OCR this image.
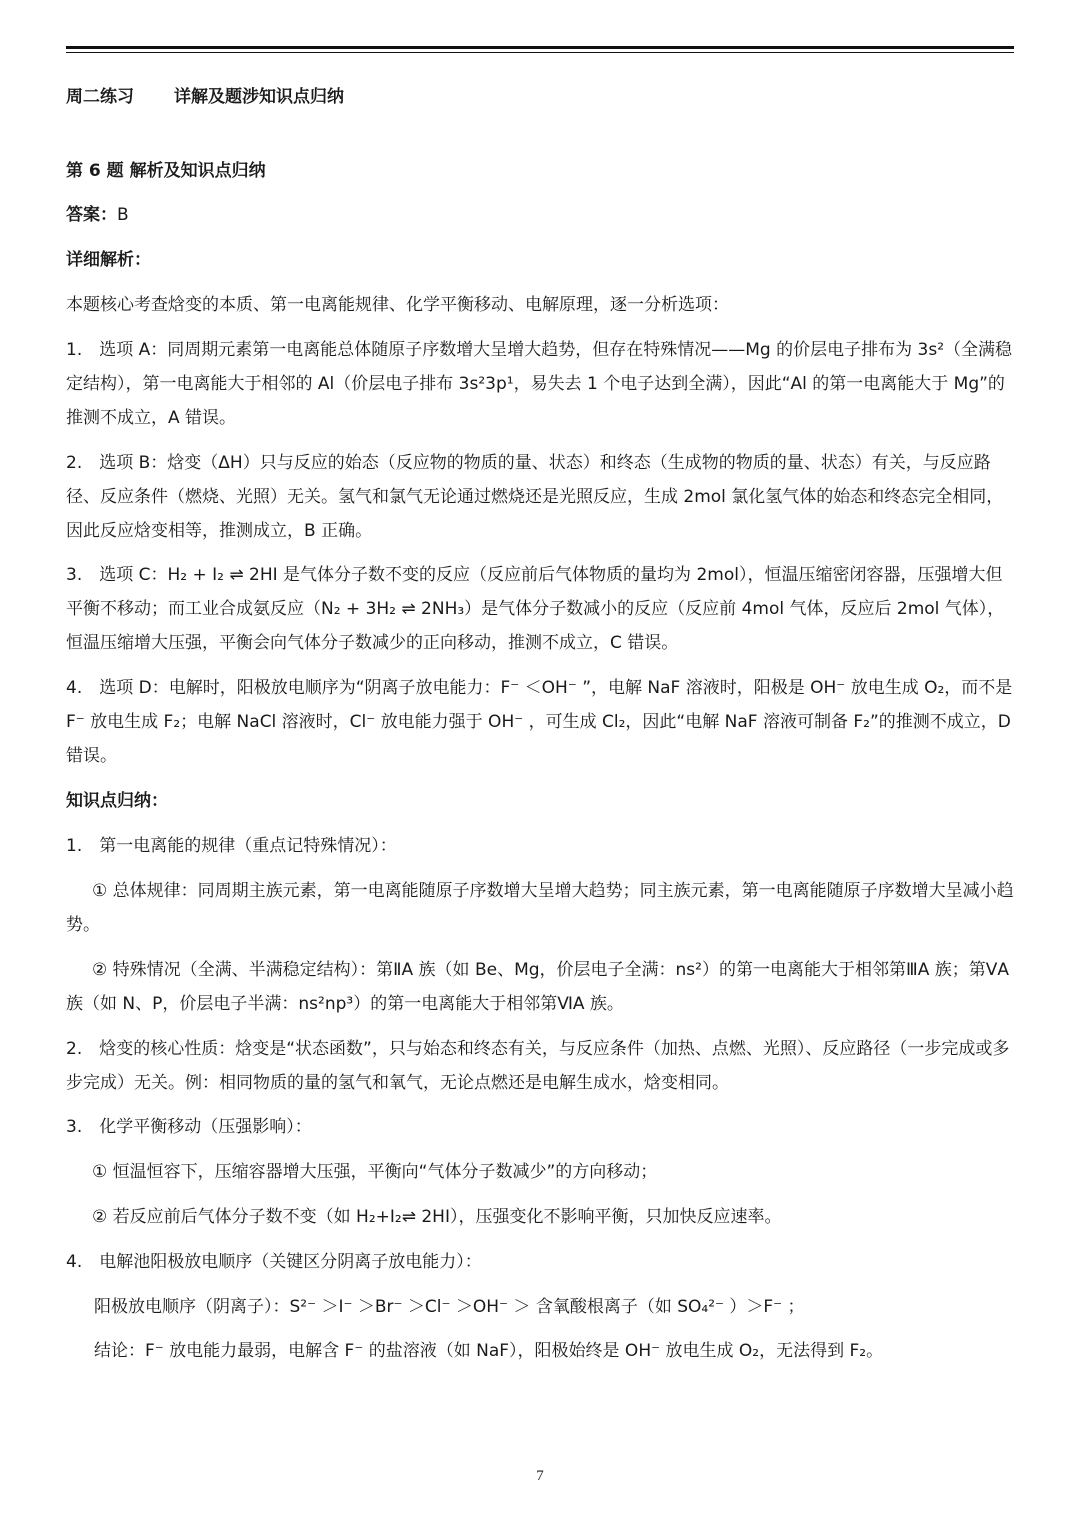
周二练习 详解及题涉知识点归纳
第 6 题 解析及知识点归纳
答案：B
详细解析：
本题核心考查焓变的本质、第一电离能规律、化学平衡移动、电解原理，逐一分析选项：
1.　选项 A：同周期元素第一电离能总体随原子序数增大呈增大趋势，但存在特殊情况——Mg 的价层电子排布为 3s²（全满稳定结构），第一电离能大于相邻的 Al（价层电子排布 3s²3p¹，易失去 1 个电子达到全满），因此“Al 的第一电离能大于 Mg”的推测不成立，A 错误。
2.　选项 B：焓变（ΔH）只与反应的始态（反应物的物质的量、状态）和终态（生成物的物质的量、状态）有关，与反应路径、反应条件（燃烧、光照）无关。氢气和氯气无论通过燃烧还是光照反应，生成 2mol 氯化氢气体的始态和终态完全相同，因此反应焓变相等，推测成立，B 正确。
3.　选项 C：H₂ + I₂ ⇌ 2HI 是气体分子数不变的反应（反应前后气体物质的量均为 2mol），恒温压缩密闭容器，压强增大但平衡不移动；而工业合成氨反应（N₂ + 3H₂ ⇌ 2NH₃）是气体分子数减小的反应（反应前 4mol 气体，反应后 2mol 气体），恒温压缩增大压强，平衡会向气体分子数减少的正向移动，推测不成立，C 错误。
4.　选项 D：电解时，阳极放电顺序为“阴离子放电能力：F⁻ ＜OH⁻ ”，电解 NaF 溶液时，阳极是 OH⁻ 放电生成 O₂，而不是 F⁻ 放电生成 F₂；电解 NaCl 溶液时，Cl⁻ 放电能力强于 OH⁻ ，可生成 Cl₂，因此“电解 NaF 溶液可制备 F₂”的推测不成立，D 错误。
知识点归纳：
1.　第一电离能的规律（重点记特殊情况）：
① 总体规律：同周期主族元素，第一电离能随原子序数增大呈增大趋势；同主族元素，第一电离能随原子序数增大呈减小趋势。
② 特殊情况（全满、半满稳定结构）：第ⅡA 族（如 Be、Mg，价层电子全满：ns²）的第一电离能大于相邻第ⅢA 族；第ⅤA 族（如 N、P，价层电子半满：ns²np³）的第一电离能大于相邻第ⅥA 族。
2.　焓变的核心性质：焓变是“状态函数”，只与始态和终态有关，与反应条件（加热、点燃、光照）、反应路径（一步完成或多步完成）无关。例：相同物质的量的氢气和氧气，无论点燃还是电解生成水，焓变相同。
3.　化学平衡移动（压强影响）：
① 恒温恒容下，压缩容器增大压强，平衡向“气体分子数减少”的方向移动；
② 若反应前后气体分子数不变（如 H₂+I₂⇌ 2HI），压强变化不影响平衡，只加快反应速率。
4.　电解池阳极放电顺序（关键区分阴离子放电能力）：
阳极放电顺序（阴离子）：S²⁻ ＞I⁻ ＞Br⁻ ＞Cl⁻ ＞OH⁻ ＞ 含氧酸根离子（如 SO₄²⁻ ）＞F⁻ ；
结论：F⁻ 放电能力最弱，电解含 F⁻ 的盐溶液（如 NaF），阳极始终是 OH⁻ 放电生成 O₂，无法得到 F₂。
7
